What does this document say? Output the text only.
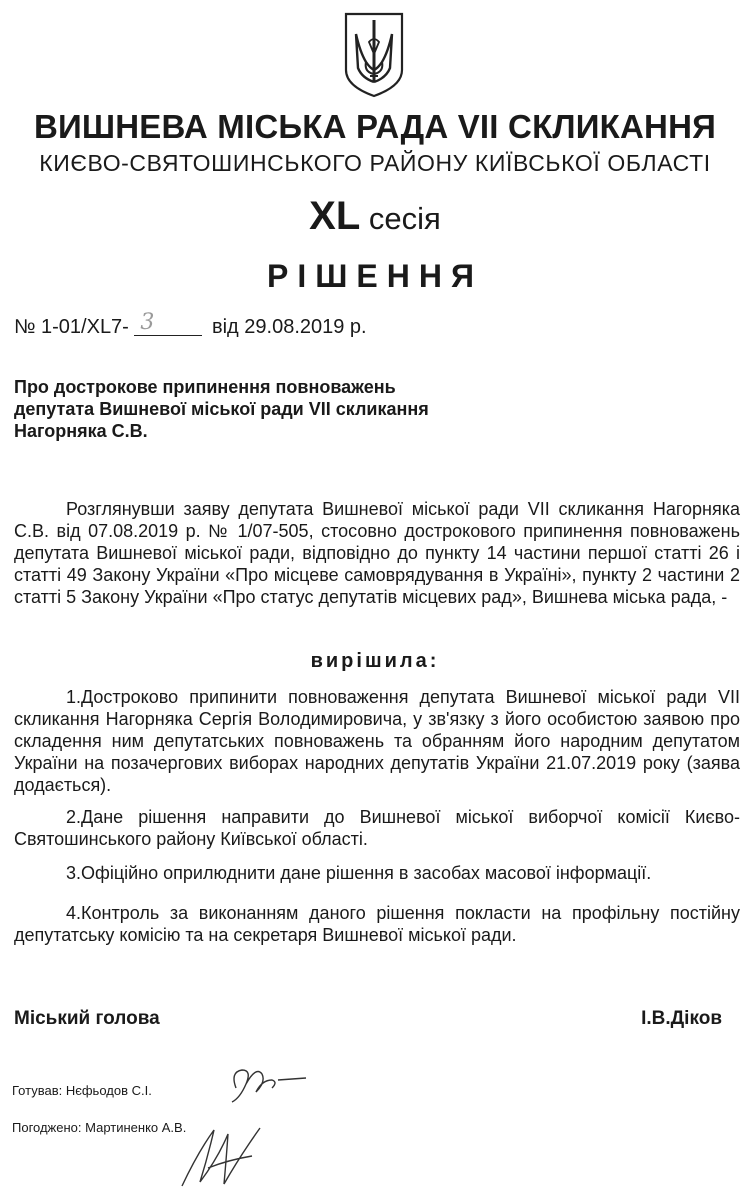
ВИШНЕВА МІСЬКА РАДА VII СКЛИКАННЯ
КИЄВО-СВЯТОШИНСЬКОГО РАЙОНУ КИЇВСЬКОЇ ОБЛАСТІ
XL сесія
РІШЕННЯ
№ 1-01/XL7- 3	від 29.08.2019 р.
Про дострокове припинення повноважень
депутата Вишневої міської ради VII скликання
Нагорняка С.В.
Розглянувши заяву депутата Вишневої міської ради VII скликання Нагорняка С.В. від 07.08.2019 р. № 1/07-505, стосовно дострокового припинення повноважень депутата Вишневої міської ради, відповідно до пункту 14 частини першої статті 26 і статті 49 Закону України «Про місцеве самоврядування в Україні», пункту 2 частини 2 статті 5 Закону України «Про статус депутатів місцевих рад», Вишнева міська рада, -
вирішила:
1.Достроково припинити повноваження депутата Вишневої міської ради VII скликання Нагорняка Сергія Володимировича, у зв'язку з його особистою заявою про складення ним депутатських повноважень та обранням його народним депутатом України на позачергових виборах народних депутатів України 21.07.2019 року (заява додається).
2.Дане рішення направити до Вишневої міської виборчої комісії Києво-Святошинського району Київської області.
3.Офіційно оприлюднити дане рішення в засобах масової інформації.
4.Контроль за виконанням даного рішення покласти на профільну постійну депутатську комісію та на секретаря Вишневої міської ради.
Міський голова	І.В.Діков
Готував: Нєфьодов С.І.
Погоджено: Мартиненко А.В.
